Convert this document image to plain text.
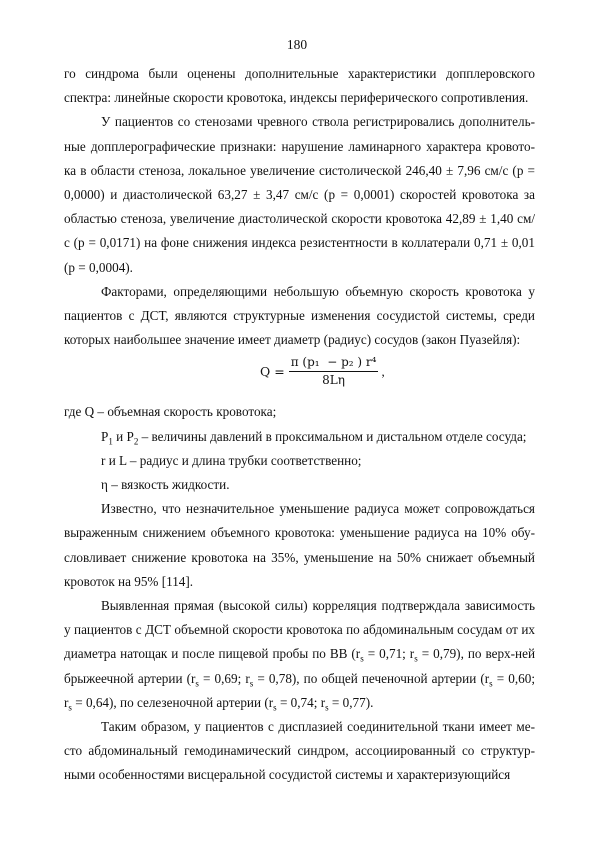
180

го синдрома были оценены дополнительные характеристики допплеровского спектра: линейные скорости кровотока, индексы периферического сопротивления.

У пациентов со стенозами чревного ствола регистрировались дополнитель-ные допплерографические признаки: нарушение ламинарного характера кровото-ка в области стеноза, локальное увеличение систолической 246,40 ± 7,96 см/с (р = 0,0000) и диастолической 63,27 ± 3,47 см/с (р = 0,0001) скоростей кровотока за областью стеноза, увеличение диастолической скорости кровотока 42,89 ± 1,40 см/с (р = 0,0171) на фоне снижения индекса резистентности в коллатерали 0,71 ± 0,01 (р = 0,0004).

Факторами, определяющими небольшую объемную скорость кровотока у пациентов с ДСТ, являются структурные изменения сосудистой системы, среди которых наибольшее значение имеет диаметр (радиус) сосудов (закон Пуазейля):

$Q = \frac{\text{π (p₁  − p₂ ) r⁴}}{8L\eta}$ ,

где Q – объемная скорость кровотока;

$P_1$ и $P_2$ – величины давлений в проксимальном и дистальном отделе сосуда;

r и L – радиус и длина трубки соответственно;

η – вязкость жидкости.

Известно, что незначительное уменьшение радиуса может сопровождаться выраженным снижением объемного кровотока: уменьшение радиуса на 10% обу-словливает снижение кровотока на 35%, уменьшение на 50% снижает объемный кровоток на 95% [114].

Выявленная прямая (высокой силы) корреляция подтверждала зависимость у пациентов с ДСТ объемной скорости кровотока по абдоминальным сосудам от их диаметра натощак и после пищевой пробы по ВВ ($r_s = 0,71$; $r_s = 0,79$), по верх-ней брыжеечной артерии ($r_s = 0,69$; $r_s = 0,78$), по общей печеночной артерии ($r_s = 0,60$; $r_s = 0,64$), по селезеночной артерии ($r_s = 0,74$; $r_s = 0,77$).

Таким образом, у пациентов с дисплазией соединительной ткани имеет ме-сто абдоминальный гемодинамический синдром, ассоциированный со структур-ными особенностями висцеральной сосудистой системы и характеризующийся
